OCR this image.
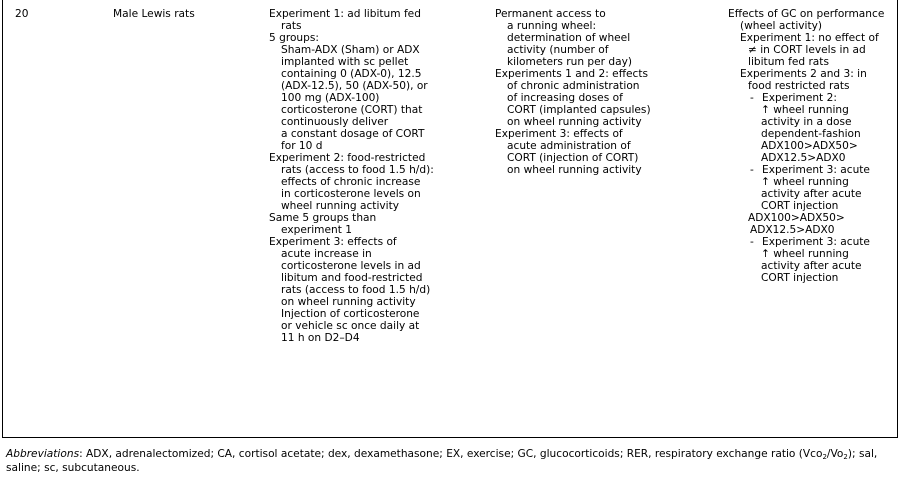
20	Male Lewis rats	Experiment 1: ad libitum fed
rats
5 groups:
Sham-ADX (Sham) or ADX
implanted with sc pellet
containing 0 (ADX-0), 12.5
(ADX-12.5), 50 (ADX-50), or
100 mg (ADX-100)
corticosterone (CORT) that
continuously deliver
a constant dosage of CORT
for 10 d
Experiment 2: food-restricted
rats (access to food 1.5 h/d):
effects of chronic increase
in corticosterone levels on
wheel running activity
Same 5 groups than
experiment 1
Experiment 3: effects of
acute increase in
corticosterone levels in ad
libitum and food-restricted
rats (access to food 1.5 h/d)
on wheel running activity
Injection of corticosterone
or vehicle sc once daily at
11 h on D2–D4
Permanent access to
a running wheel:
determination of wheel
activity (number of
kilometers run per day)
Experiments 1 and 2: effects
of chronic administration
of increasing doses of
CORT (implanted capsules)
on wheel running activity
Experiment 3: effects of
acute administration of
CORT (injection of CORT)
on wheel running activity
Effects of GC on performance
(wheel activity)
Experiment 1: no effect of
≠ in CORT levels in ad
libitum fed rats
Experiments 2 and 3: in
food restricted rats
- Experiment 2:
↑ wheel running
activity in a dose
dependent-fashion
ADX100>ADX50>
ADX12.5>ADX0
- Experiment 3: acute
↑ wheel running
activity after acute
CORT injection
ADX100>ADX50>
ADX12.5>ADX0
- Experiment 3: acute
↑ wheel running
activity after acute
CORT injection
Abbreviations: ADX, adrenalectomized; CA, cortisol acetate; dex, dexamethasone; EX, exercise; GC, glucocorticoids; RER, respiratory exchange ratio $(Vco_2/Vo_2)$; sal,
saline; sc, subcutaneous.
